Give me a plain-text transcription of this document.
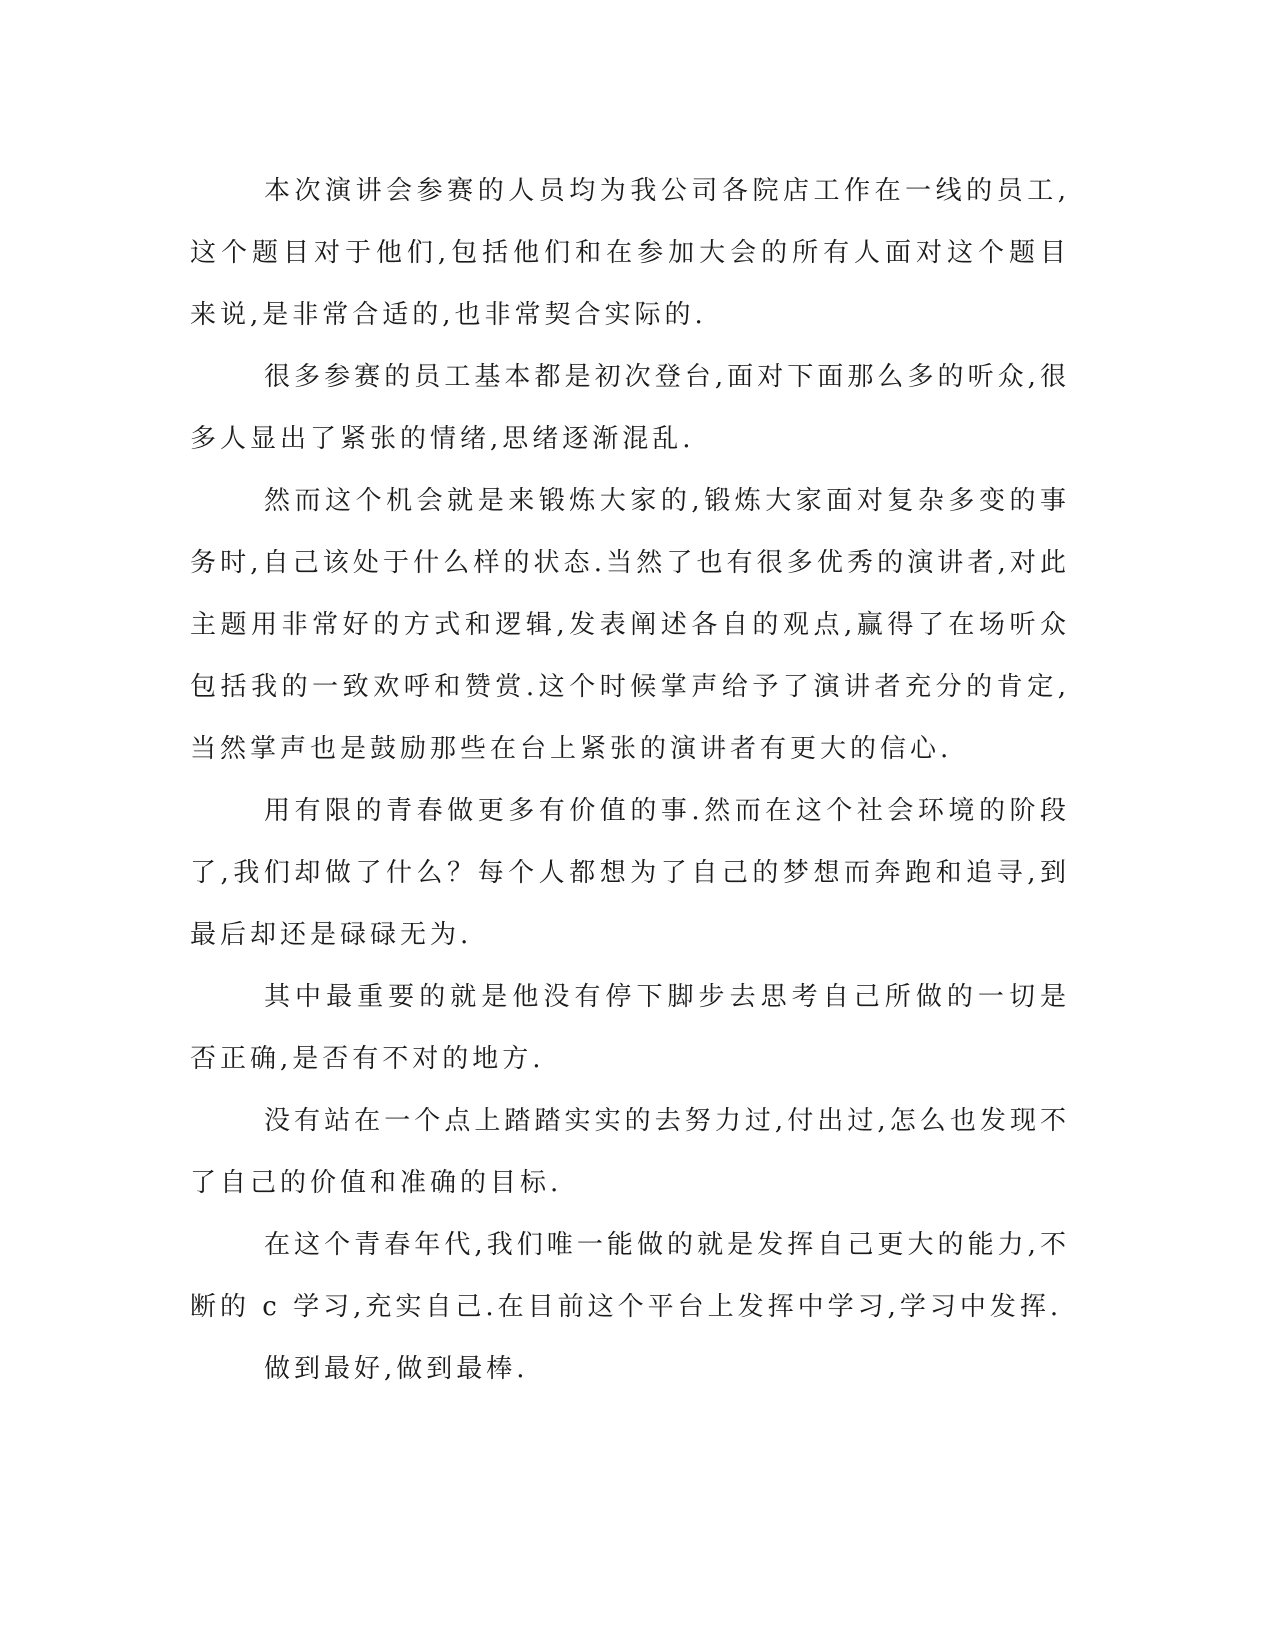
本次演讲会参赛的人员均为我公司各院店工作在一线的员工,这个题目对于他们,包括他们和在参加大会的所有人面对这个题目来说,是非常合适的,也非常契合实际的.

很多参赛的员工基本都是初次登台,面对下面那么多的听众,很多人显出了紧张的情绪,思绪逐渐混乱.

然而这个机会就是来锻炼大家的,锻炼大家面对复杂多变的事务时,自己该处于什么样的状态.当然了也有很多优秀的演讲者,对此主题用非常好的方式和逻辑,发表阐述各自的观点,赢得了在场听众包括我的一致欢呼和赞赏.这个时候掌声给予了演讲者充分的肯定,当然掌声也是鼓励那些在台上紧张的演讲者有更大的信心.

用有限的青春做更多有价值的事.然而在这个社会环境的阶段了,我们却做了什么？每个人都想为了自己的梦想而奔跑和追寻,到最后却还是碌碌无为.

其中最重要的就是他没有停下脚步去思考自己所做的一切是否正确,是否有不对的地方.

没有站在一个点上踏踏实实的去努力过,付出过,怎么也发现不了自己的价值和准确的目标.

在这个青春年代,我们唯一能做的就是发挥自己更大的能力,不断的 c 学习,充实自己.在目前这个平台上发挥中学习,学习中发挥.

做到最好,做到最棒.
